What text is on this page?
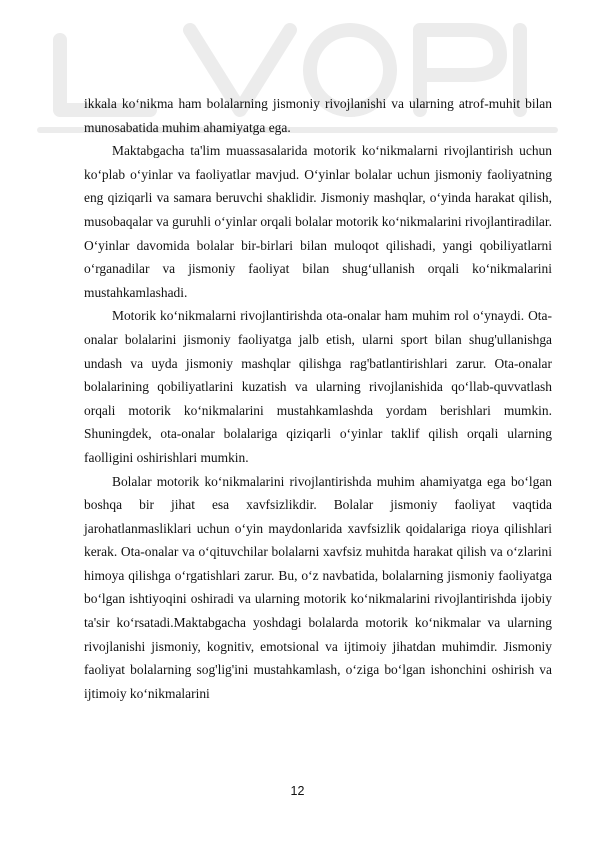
ikkala ko‘nikma ham bolalarning jismoniy rivojlanishi va ularning atrof-muhit bilan munosabatida muhim ahamiyatga ega.

Maktabgacha ta'lim muassasalarida motorik ko‘nikmalarni rivojlantirish uchun ko‘plab o‘yinlar va faoliyatlar mavjud. O‘yinlar bolalar uchun jismoniy faoliyatning eng qiziqarli va samara beruvchi shaklidir. Jismoniy mashqlar, o‘yinda harakat qilish, musobaqalar va guruhli o‘yinlar orqali bolalar motorik ko‘nikmalarini rivojlantiradilar. O‘yinlar davomida bolalar bir-birlari bilan muloqot qilishadi, yangi qobiliyatlarni o‘rganadilar va jismoniy faoliyat bilan shug‘ullanish orqali ko‘nikmalarini mustahkamlashadi.

Motorik ko‘nikmalarni rivojlantirishda ota-onalar ham muhim rol o‘ynaydi. Ota-onalar bolalarini jismoniy faoliyatga jalb etish, ularni sport bilan shug'ullanishga undash va uyda jismoniy mashqlar qilishga rag'batlantirishlari zarur. Ota-onalar bolalarining qobiliyatlarini kuzatish va ularning rivojlanishida qo‘llab-quvvatlash orqali motorik ko‘nikmalarini mustahkamlashda yordam berishlari mumkin. Shuningdek, ota-onalar bolalariga qiziqarli o‘yinlar taklif qilish orqali ularning faolligini oshirishlari mumkin.

Bolalar motorik ko‘nikmalarini rivojlantirishda muhim ahamiyatga ega bo‘lgan boshqa bir jihat esa xavfsizlikdir. Bolalar jismoniy faoliyat vaqtida jarohatlanmasliklari uchun o‘yin maydonlarida xavfsizlik qoidalariga rioya qilishlari kerak. Ota-onalar va o‘qituvchilar bolalarni xavfsiz muhitda harakat qilish va o‘zlarini himoya qilishga o‘rgatishlari zarur. Bu, o‘z navbatida, bolalarning jismoniy faoliyatga bo‘lgan ishtiyoqini oshiradi va ularning motorik ko‘nikmalarini rivojlantirishda ijobiy ta'sir ko‘rsatadi.Maktabgacha yoshdagi bolalarda motorik ko‘nikmalar va ularning rivojlanishi jismoniy, kognitiv, emotsional va ijtimoiy jihatdan muhimdir. Jismoniy faoliyat bolalarning sog'lig'ini mustahkamlash, o‘ziga bo‘lgan ishonchini oshirish va ijtimoiy ko‘nikmalarini

12
